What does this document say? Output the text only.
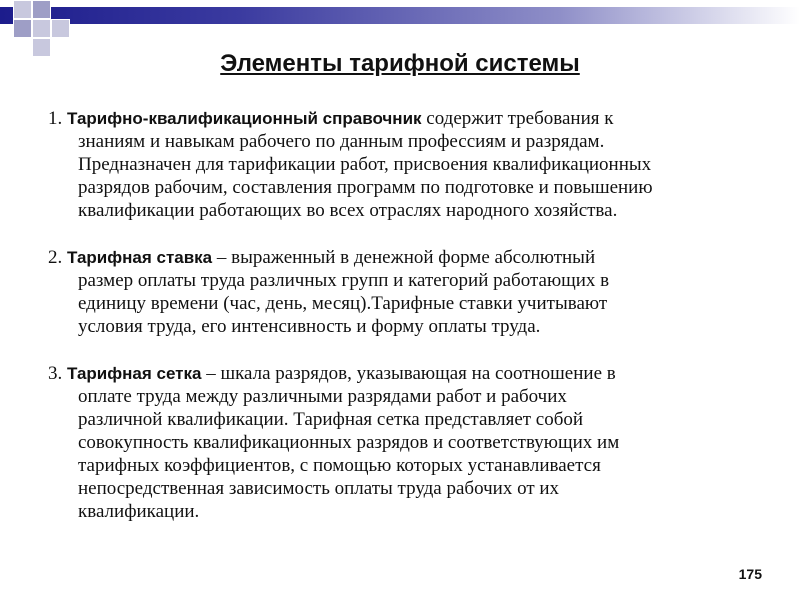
Элементы тарифной системы
1. Тарифно-квалификационный справочник содержит требования к
знаниям и навыкам рабочего по данным профессиям и разрядам.
Предназначен для тарификации работ, присвоения квалификационных
разрядов рабочим, составления программ по подготовке и повышению
квалификации работающих во всех отраслях народного хозяйства.
2. Тарифная ставка – выраженный в денежной форме абсолютный
размер оплаты труда различных групп и категорий работающих в
единицу времени (час, день, месяц).Тарифные ставки учитывают
условия труда, его интенсивность и форму оплаты труда.
3. Тарифная сетка – шкала разрядов, указывающая на соотношение в
оплате труда между различными разрядами работ и рабочих
различной квалификации. Тарифная сетка представляет собой
совокупность квалификационных разрядов и соответствующих им
тарифных коэффициентов, с помощью которых устанавливается
непосредственная зависимость оплаты труда рабочих от их
квалификации.
175
